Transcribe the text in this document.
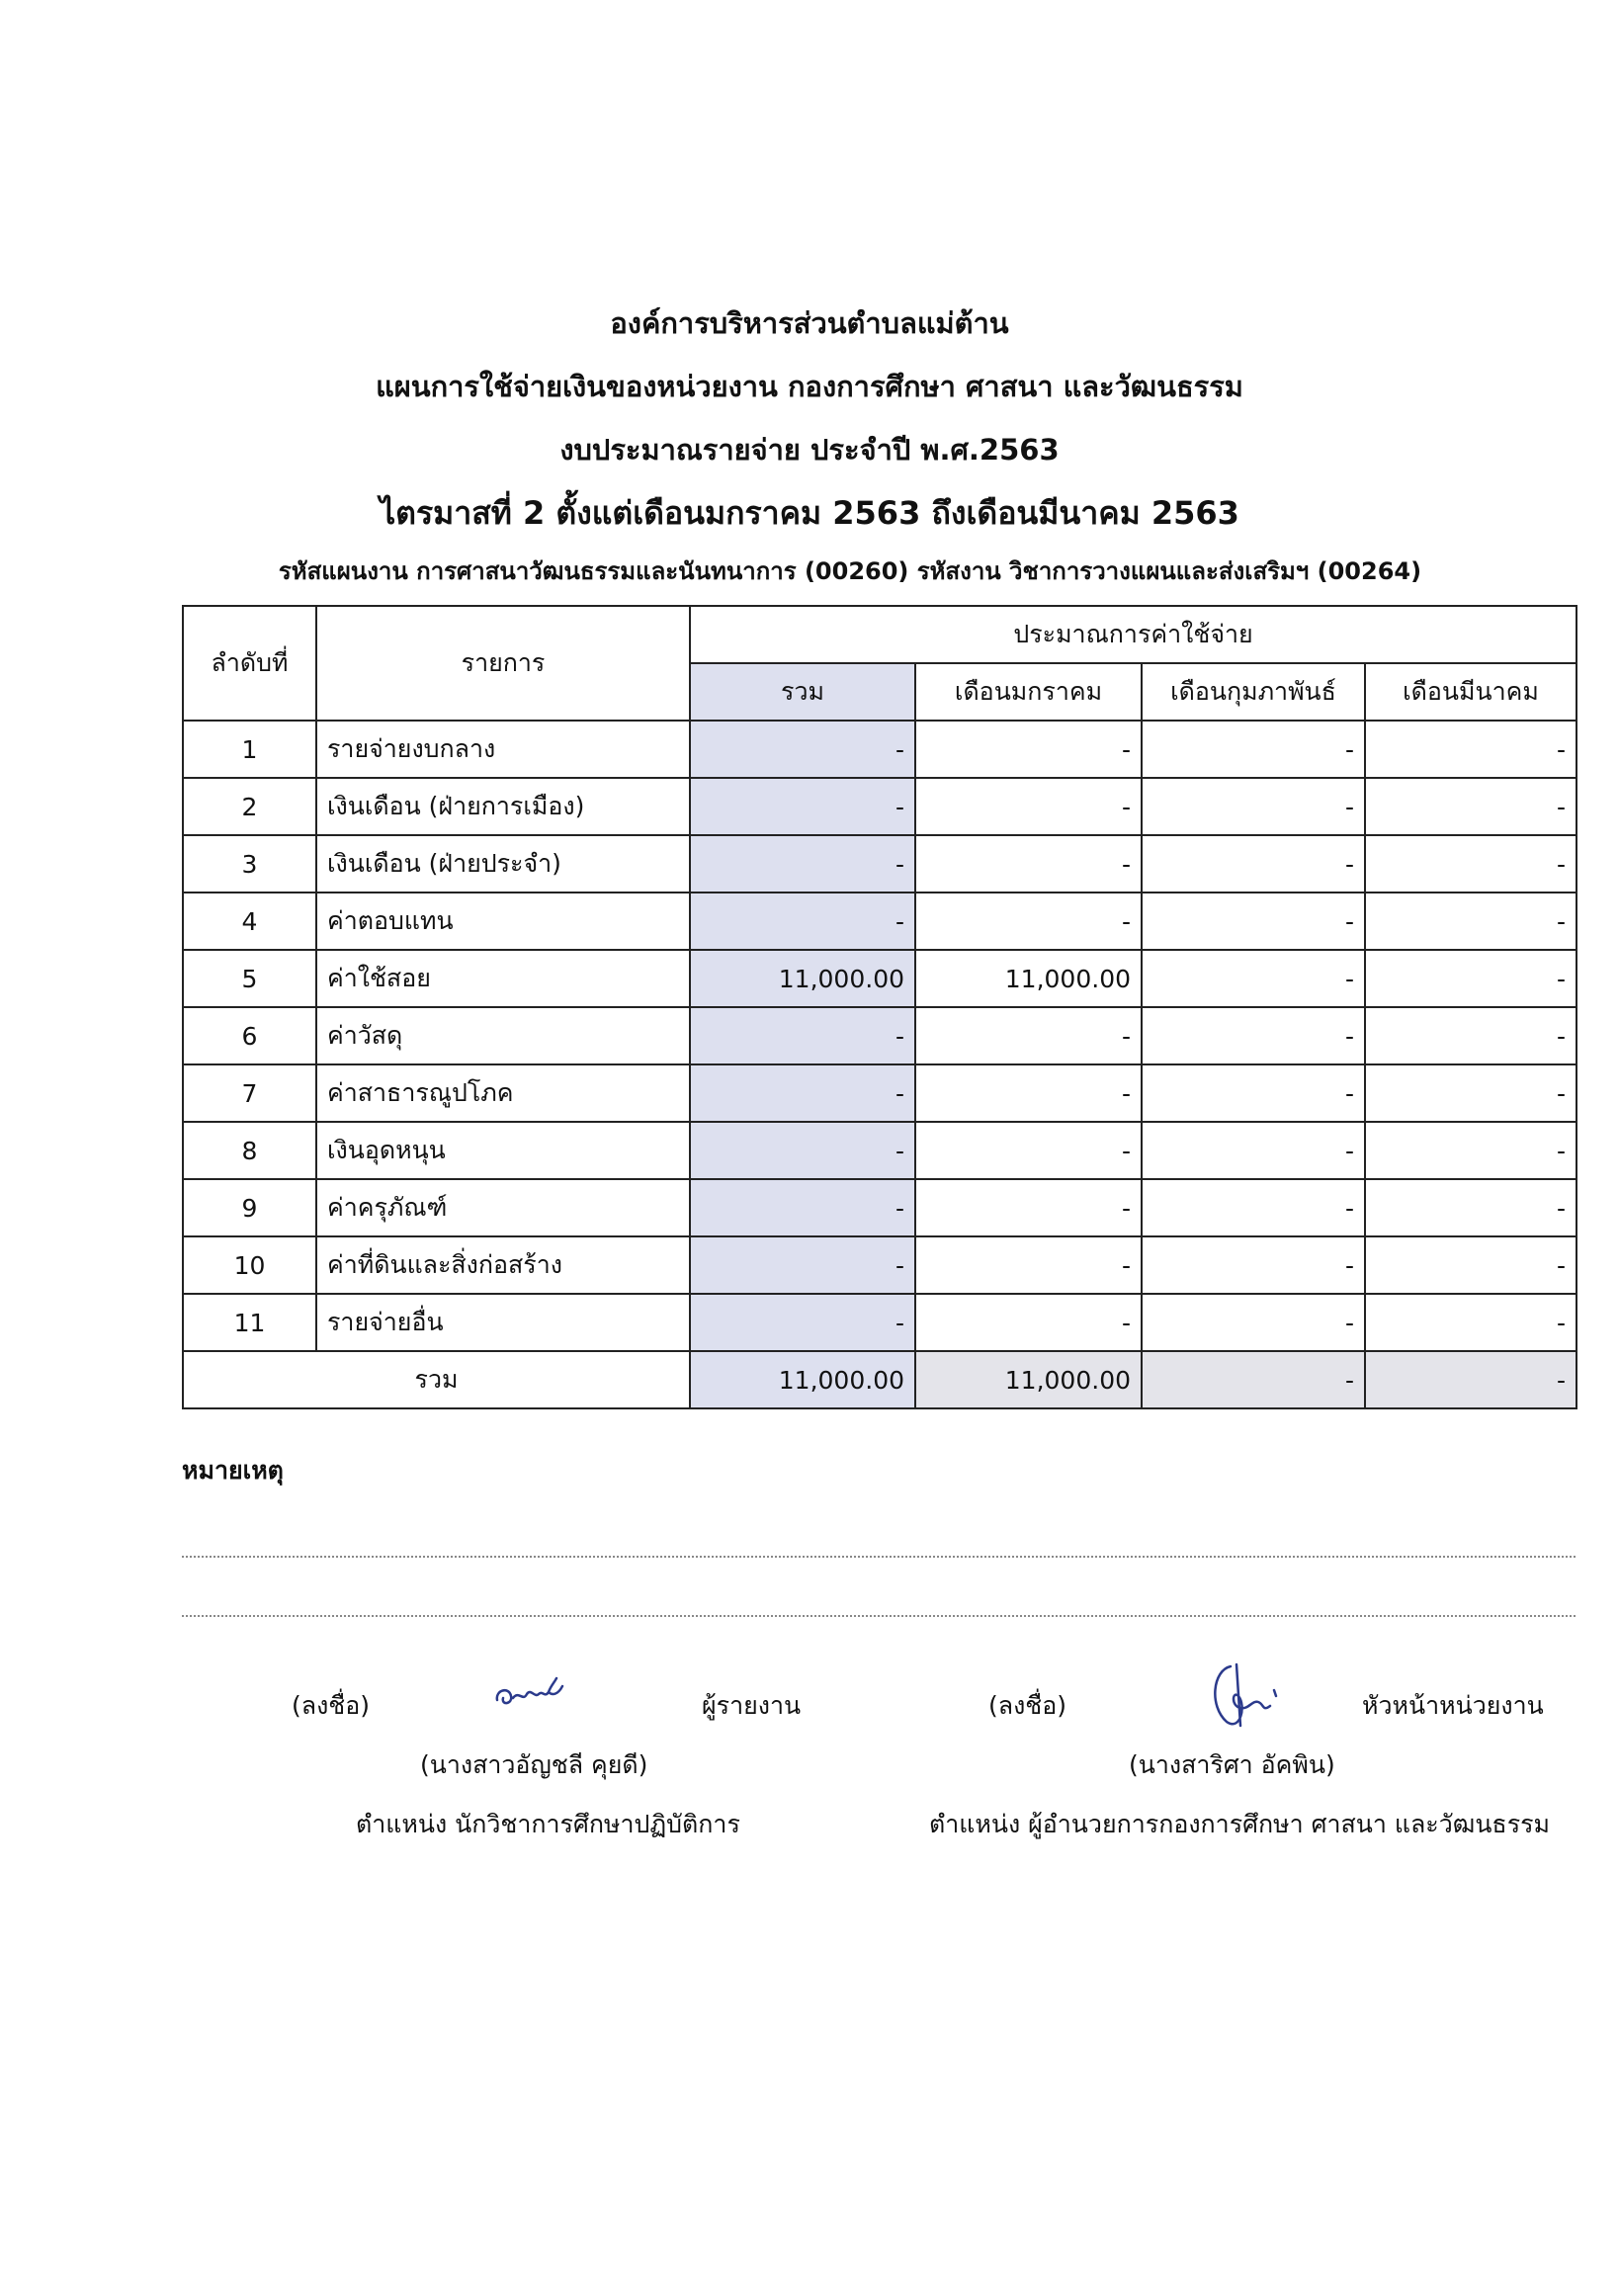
องค์การบริหารส่วนตำบลแม่ต้าน
แผนการใช้จ่ายเงินของหน่วยงาน กองการศึกษา ศาสนา และวัฒนธรรม
งบประมาณรายจ่าย ประจำปี พ.ศ.2563
ไตรมาสที่ 2 ตั้งแต่เดือนมกราคม 2563 ถึงเดือนมีนาคม 2563
รหัสแผนงาน การศาสนาวัฒนธรรมและนันทนาการ (00260) รหัสงาน วิชาการวางแผนและส่งเสริมฯ (00264)
ลำดับที่	รายการ	ประมาณการค่าใช้จ่าย			
		รวม	เดือนมกราคม	เดือนกุมภาพันธ์	เดือนมีนาคม
1	รายจ่ายงบกลาง	-	-	-	-
2	เงินเดือน (ฝ่ายการเมือง)	-	-	-	-
3	เงินเดือน (ฝ่ายประจำ)	-	-	-	-
4	ค่าตอบแทน	-	-	-	-
5	ค่าใช้สอย	11,000.00	11,000.00	-	-
6	ค่าวัสดุ	-	-	-	-
7	ค่าสาธารณูปโภค	-	-	-	-
8	เงินอุดหนุน	-	-	-	-
9	ค่าครุภัณฑ์	-	-	-	-
10	ค่าที่ดินและสิ่งก่อสร้าง	-	-	-	-
11	รายจ่ายอื่น	-	-	-	-
รวม		11,000.00	11,000.00	-	-
หมายเหตุ
(ลงชื่อ)	ผู้รายงาน
(นางสาวอัญชลี คุยดี)
ตำแหน่ง นักวิชาการศึกษาปฏิบัติการ
(ลงชื่อ)	หัวหน้าหน่วยงาน
(นางสาริศา อัคพิน)
ตำแหน่ง ผู้อำนวยการกองการศึกษา ศาสนา และวัฒนธรรม
